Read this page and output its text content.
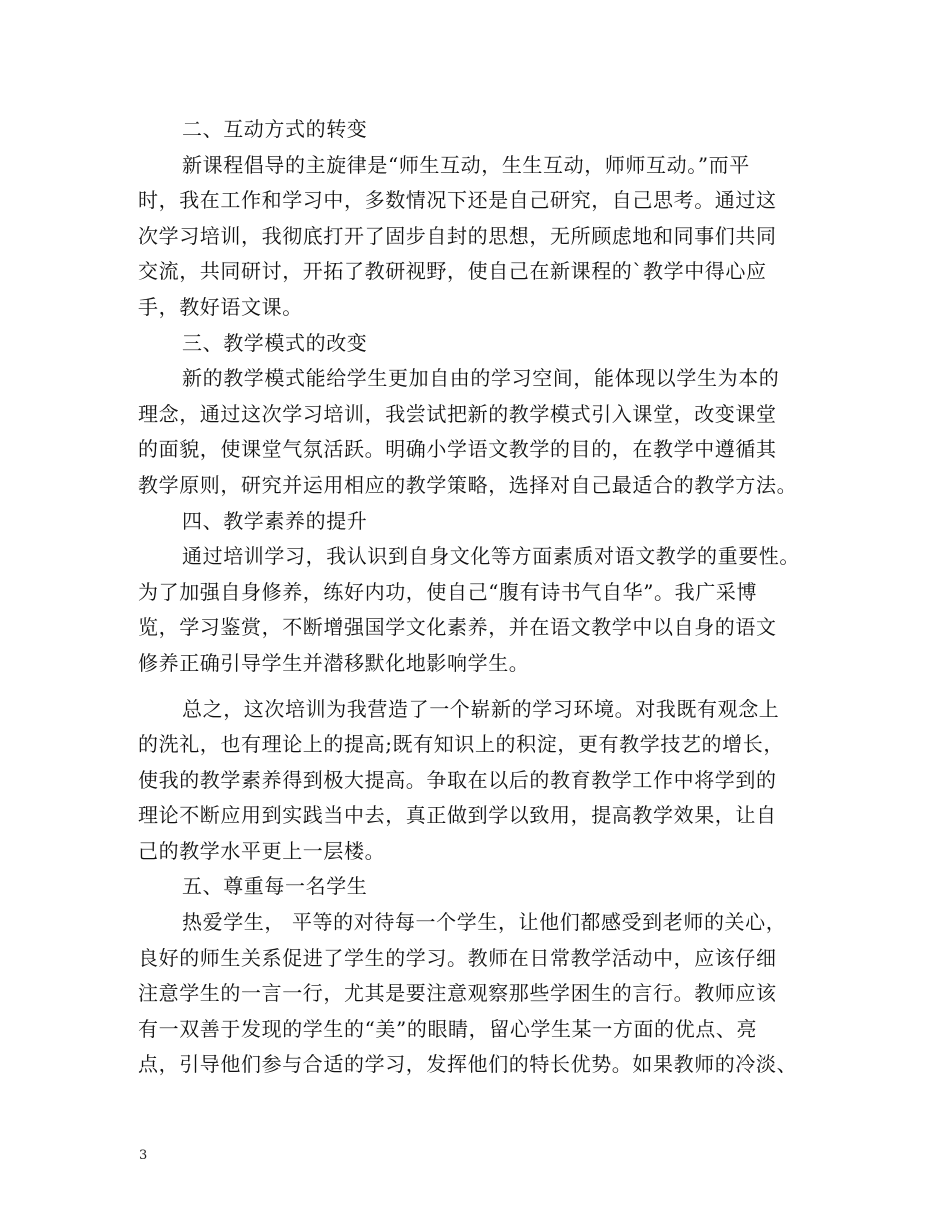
二、互动方式的转变
新课程倡导的主旋律是“师生互动，生生互动，师师互动。”而平
时，我在工作和学习中，多数情况下还是自己研究，自己思考。通过这
次学习培训，我彻底打开了固步自封的思想，无所顾虑地和同事们共同
交流，共同研讨，开拓了教研视野，使自己在新课程的`教学中得心应
手，教好语文课。
三、教学模式的改变
新的教学模式能给学生更加自由的学习空间，能体现以学生为本的
理念，通过这次学习培训，我尝试把新的教学模式引入课堂，改变课堂
的面貌，使课堂气氛活跃。明确小学语文教学的目的，在教学中遵循其
教学原则，研究并运用相应的教学策略，选择对自己最适合的教学方法。
四、教学素养的提升
通过培训学习，我认识到自身文化等方面素质对语文教学的重要性。
为了加强自身修养，练好内功，使自己“腹有诗书气自华”。我广采博
览，学习鉴赏，不断增强国学文化素养，并在语文教学中以自身的语文
修养正确引导学生并潜移默化地影响学生。
总之，这次培训为我营造了一个崭新的学习环境。对我既有观念上
的洗礼，也有理论上的提高;既有知识上的积淀，更有教学技艺的增长，
使我的教学素养得到极大提高。争取在以后的教育教学工作中将学到的
理论不断应用到实践当中去，真正做到学以致用，提高教学效果，让自
己的教学水平更上一层楼。
五、尊重每一名学生
热爱学生， 平等的对待每一个学生，让他们都感受到老师的关心，
良好的师生关系促进了学生的学习。教师在日常教学活动中，应该仔细
注意学生的一言一行，尤其是要注意观察那些学困生的言行。教师应该
有一双善于发现的学生的“美”的眼睛，留心学生某一方面的优点、亮
点，引导他们参与合适的学习，发挥他们的特长优势。如果教师的冷淡、
3
